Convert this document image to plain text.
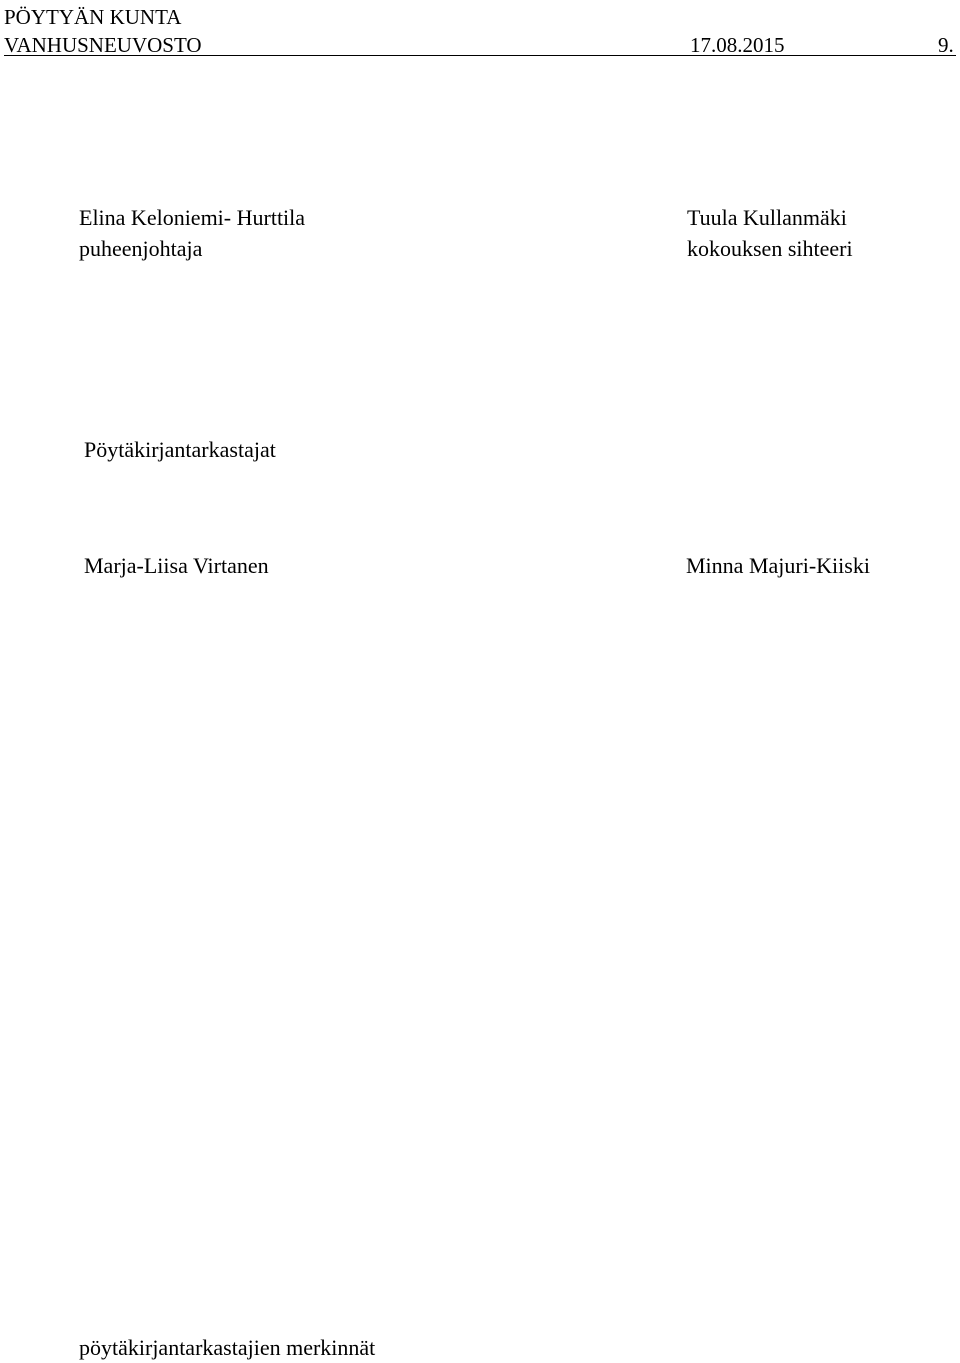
PÖYTYÄN KUNTA
VANHUSNEUVOSTO	17.08.2015	9.
Elina Keloniemi- Hurttila
puheenjohtaja
Tuula Kullanmäki
kokouksen sihteeri
Pöytäkirjantarkastajat
Marja-Liisa Virtanen	Minna Majuri-Kiiski
pöytäkirjantarkastajien merkinnät
